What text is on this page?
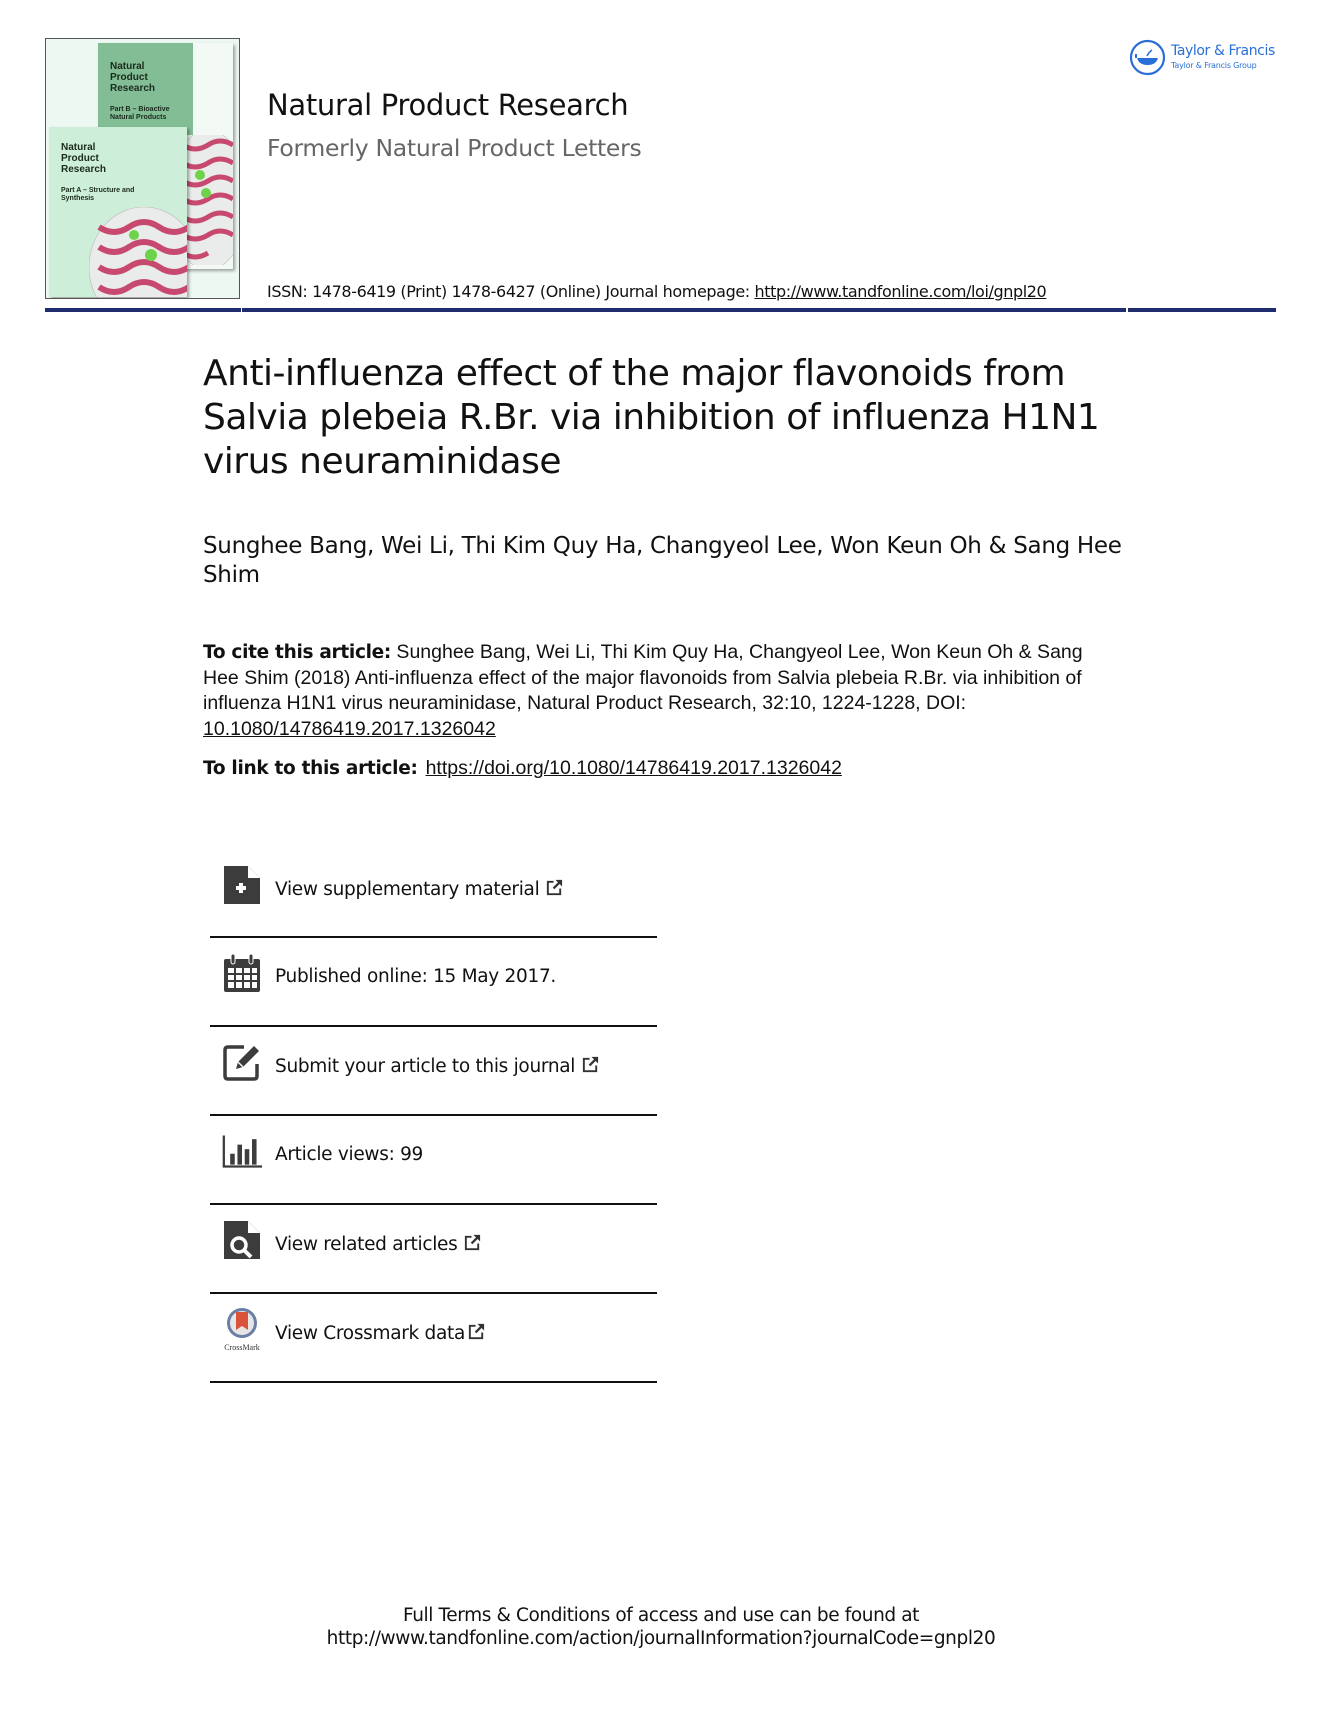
Natural Product Research
Part B – Bioactive Natural Products
Natural Product Research
Part A – Structure and Synthesis
Natural Product Research
Formerly Natural Product Letters
ISSN: 1478-6419 (Print) 1478-6427 (Online) Journal homepage: http://www.tandfonline.com/loi/gnpl20
Taylor & Francis
Taylor & Francis Group
Anti-influenza effect of the major flavonoids from Salvia plebeia R.Br. via inhibition of influenza H1N1 virus neuraminidase
Sunghee Bang, Wei Li, Thi Kim Quy Ha, Changyeol Lee, Won Keun Oh & Sang Hee Shim
To cite this article: Sunghee Bang, Wei Li, Thi Kim Quy Ha, Changyeol Lee, Won Keun Oh & Sang Hee Shim (2018) Anti-influenza effect of the major flavonoids from Salvia plebeia R.Br. via inhibition of influenza H1N1 virus neuraminidase, Natural Product Research, 32:10, 1224-1228, DOI: 10.1080/14786419.2017.1326042
To link to this article: https://doi.org/10.1080/14786419.2017.1326042
View supplementary material
Published online: 15 May 2017.
Submit your article to this journal
Article views: 99
View related articles
CrossMark
View Crossmark data
Full Terms & Conditions of access and use can be found at
http://www.tandfonline.com/action/journalInformation?journalCode=gnpl20
